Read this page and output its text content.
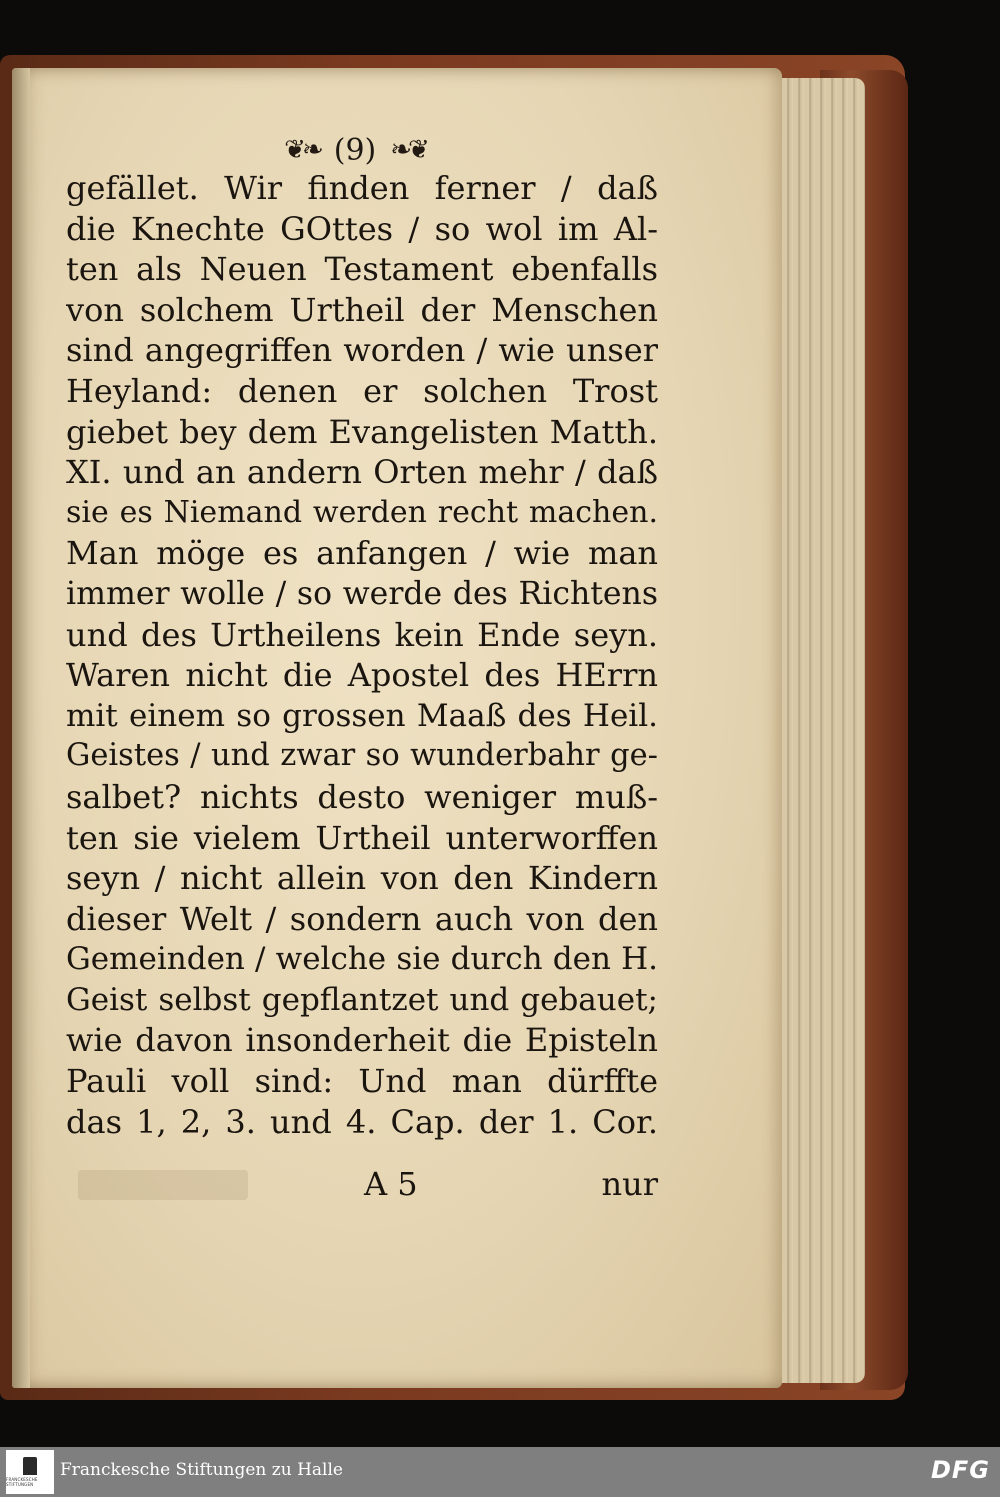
❦❧ (9) ❧❦
gefället. Wir finden ferner / daß
die Knechte GOttes / so wol im Al-
ten als Neuen Testament ebenfalls
von solchem Urtheil der Menschen
sind angegriffen worden / wie unser
Heyland: denen er solchen Trost
giebet bey dem Evangelisten Matth.
XI. und an andern Orten mehr / daß
sie es Niemand werden recht machen.
Man möge es anfangen / wie man
immer wolle / so werde des Richtens
und des Urtheilens kein Ende seyn.
Waren nicht die Apostel des HErrn
mit einem so grossen Maaß des Heil.
Geistes / und zwar so wunderbahr ge-
salbet? nichts desto weniger muß-
ten sie vielem Urtheil unterworffen
seyn / nicht allein von den Kindern
dieser Welt / sondern auch von den
Gemeinden / welche sie durch den H.
Geist selbst gepflantzet und gebauet;
wie davon insonderheit die Episteln
Pauli voll sind: Und man dürffte
das 1, 2, 3. und 4. Cap. der 1. Cor.
A 5	nur
FRANCKESCHE STIFTUNGEN
Franckesche Stiftungen zu Halle	DFG
